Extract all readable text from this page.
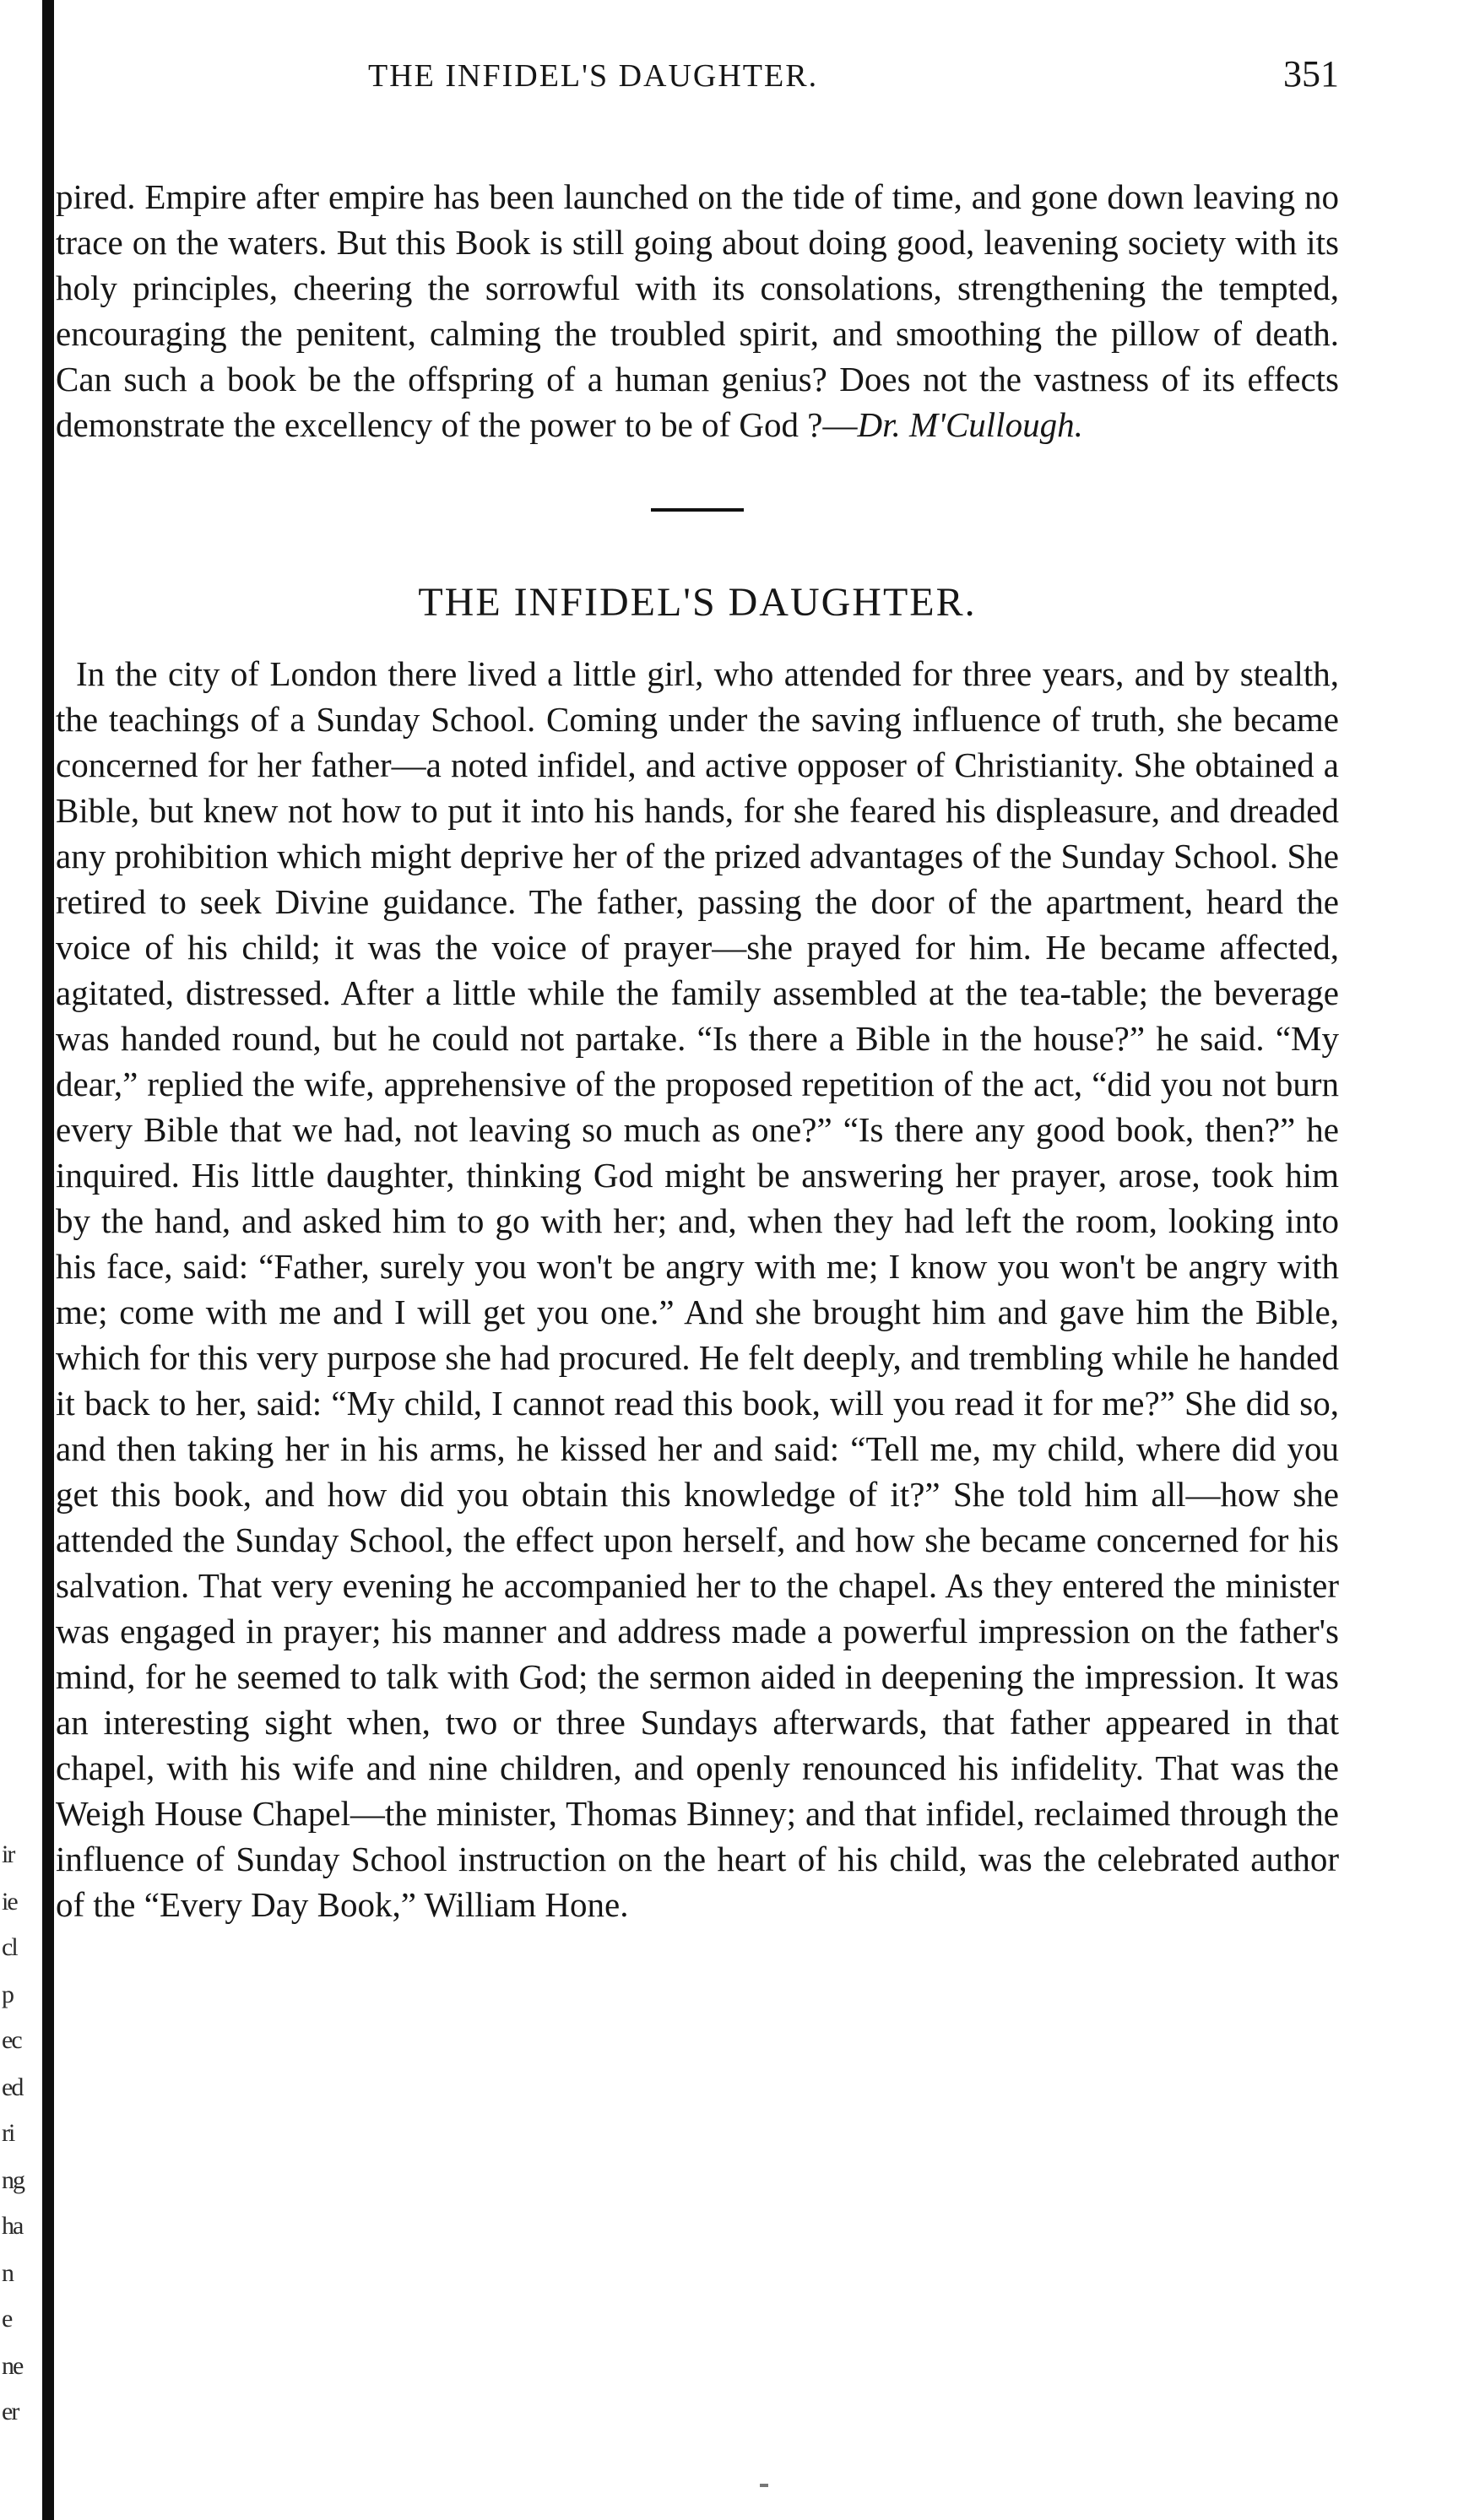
ir
ie
cl
p
ec
ed
ri
ng
ha
n
e
ne
er
THE INFIDEL'S DAUGHTER.	351

pired. Empire after empire has been launched on the tide of time, and gone down leaving no trace on the waters. But this Book is still going about doing good, leavening society with its holy principles, cheering the sorrowful with its consolations, strengthening the tempted, encouraging the penitent, calming the troubled spirit, and smoothing the pillow of death. Can such a book be the offspring of a human genius? Does not the vastness of its effects demonstrate the excellency of the power to be of God ?—Dr. M'Cullough.

THE INFIDEL'S DAUGHTER.

In the city of London there lived a little girl, who attended for three years, and by stealth, the teachings of a Sunday School. Coming under the saving influence of truth, she became concerned for her father—a noted infidel, and active opposer of Christianity. She obtained a Bible, but knew not how to put it into his hands, for she feared his displeasure, and dreaded any prohibition which might deprive her of the prized advantages of the Sunday School. She retired to seek Divine guidance. The father, passing the door of the apartment, heard the voice of his child; it was the voice of prayer—she prayed for him. He became affected, agitated, distressed. After a little while the family assembled at the tea-table; the beverage was handed round, but he could not partake. “Is there a Bible in the house?” he said. “My dear,” replied the wife, apprehensive of the proposed repetition of the act, “did you not burn every Bible that we had, not leaving so much as one?” “Is there any good book, then?” he inquired. His little daughter, thinking God might be answering her prayer, arose, took him by the hand, and asked him to go with her; and, when they had left the room, looking into his face, said: “Father, surely you won't be angry with me; I know you won't be angry with me; come with me and I will get you one.” And she brought him and gave him the Bible, which for this very purpose she had procured. He felt deeply, and trembling while he handed it back to her, said: “My child, I cannot read this book, will you read it for me?” She did so, and then taking her in his arms, he kissed her and said: “Tell me, my child, where did you get this book, and how did you obtain this knowledge of it?” She told him all—how she attended the Sunday School, the effect upon herself, and how she became concerned for his salvation. That very evening he accompanied her to the chapel. As they entered the minister was engaged in prayer; his manner and address made a powerful impression on the father's mind, for he seemed to talk with God; the sermon aided in deepening the impression. It was an interesting sight when, two or three Sundays afterwards, that father appeared in that chapel, with his wife and nine children, and openly renounced his infidelity. That was the Weigh House Chapel—the minister, Thomas Binney; and that infidel, reclaimed through the influence of Sunday School instruction on the heart of his child, was the celebrated author of the “Every Day Book,” William Hone.
